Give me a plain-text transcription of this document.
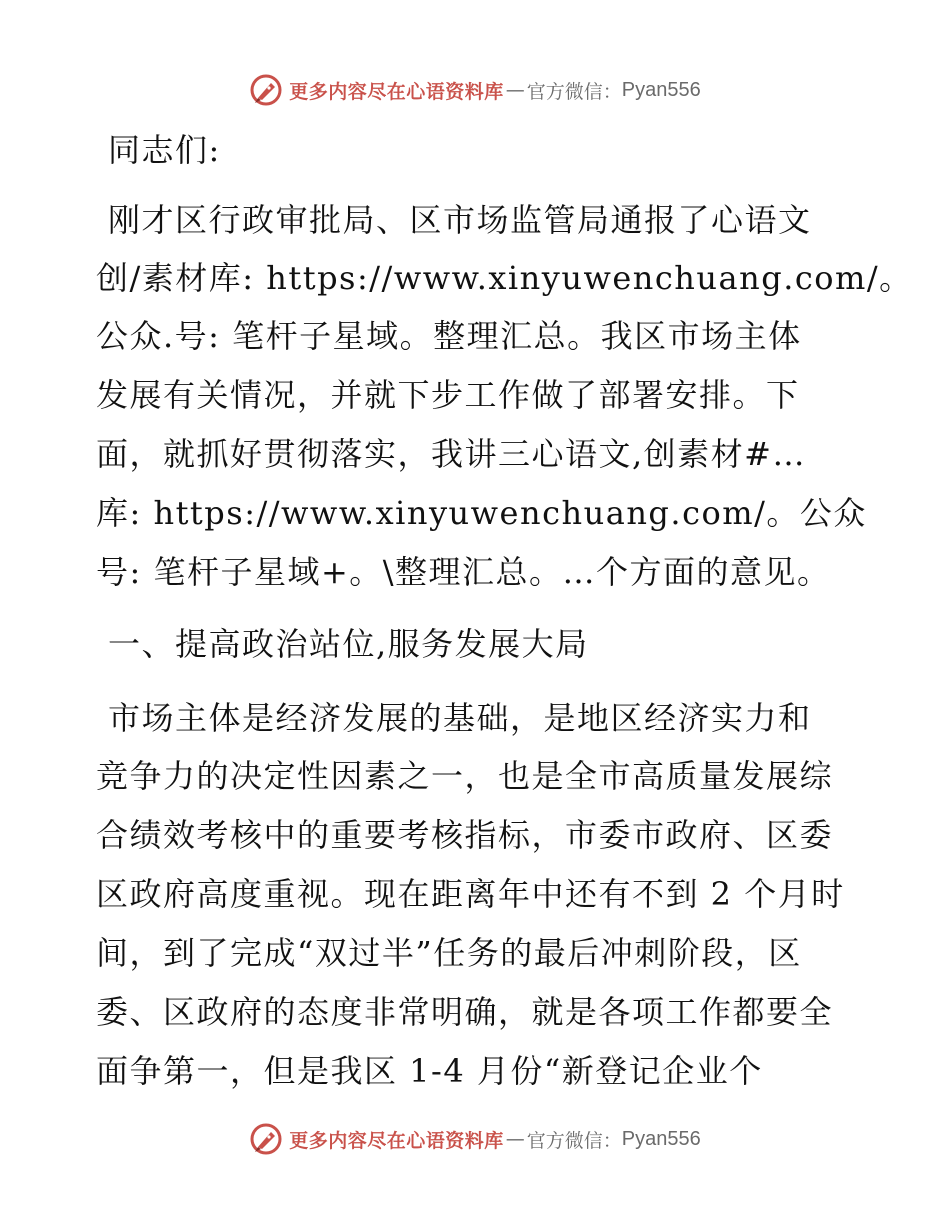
更多内容尽在心语资料库 — 官方微信： Pyan556
同志们:
刚才区行政审批局、区市场监管局通报了心语文
创/素材库: https://www.xinyuwenchuang.com/。
公众.号: 笔杆子星域。整理汇总。我区市场主体
发展有关情况，并就下步工作做了部署安排。下
面，就抓好贯彻落实，我讲三心语文,创素材#…
库: https://www.xinyuwenchuang.com/。公众
号: 笔杆子星域+。\整理汇总。…个方面的意见。
一、提高政治站位,服务发展大局
市场主体是经济发展的基础，是地区经济实力和
竞争力的决定性因素之一，也是全市高质量发展综
合绩效考核中的重要考核指标，市委市政府、区委
区政府高度重视。现在距离年中还有不到 2 个月时
间，到了完成“双过半”任务的最后冲刺阶段，区
委、区政府的态度非常明确，就是各项工作都要全
面争第一，但是我区 1-4 月份“新登记企业个
更多内容尽在心语资料库 — 官方微信： Pyan556
